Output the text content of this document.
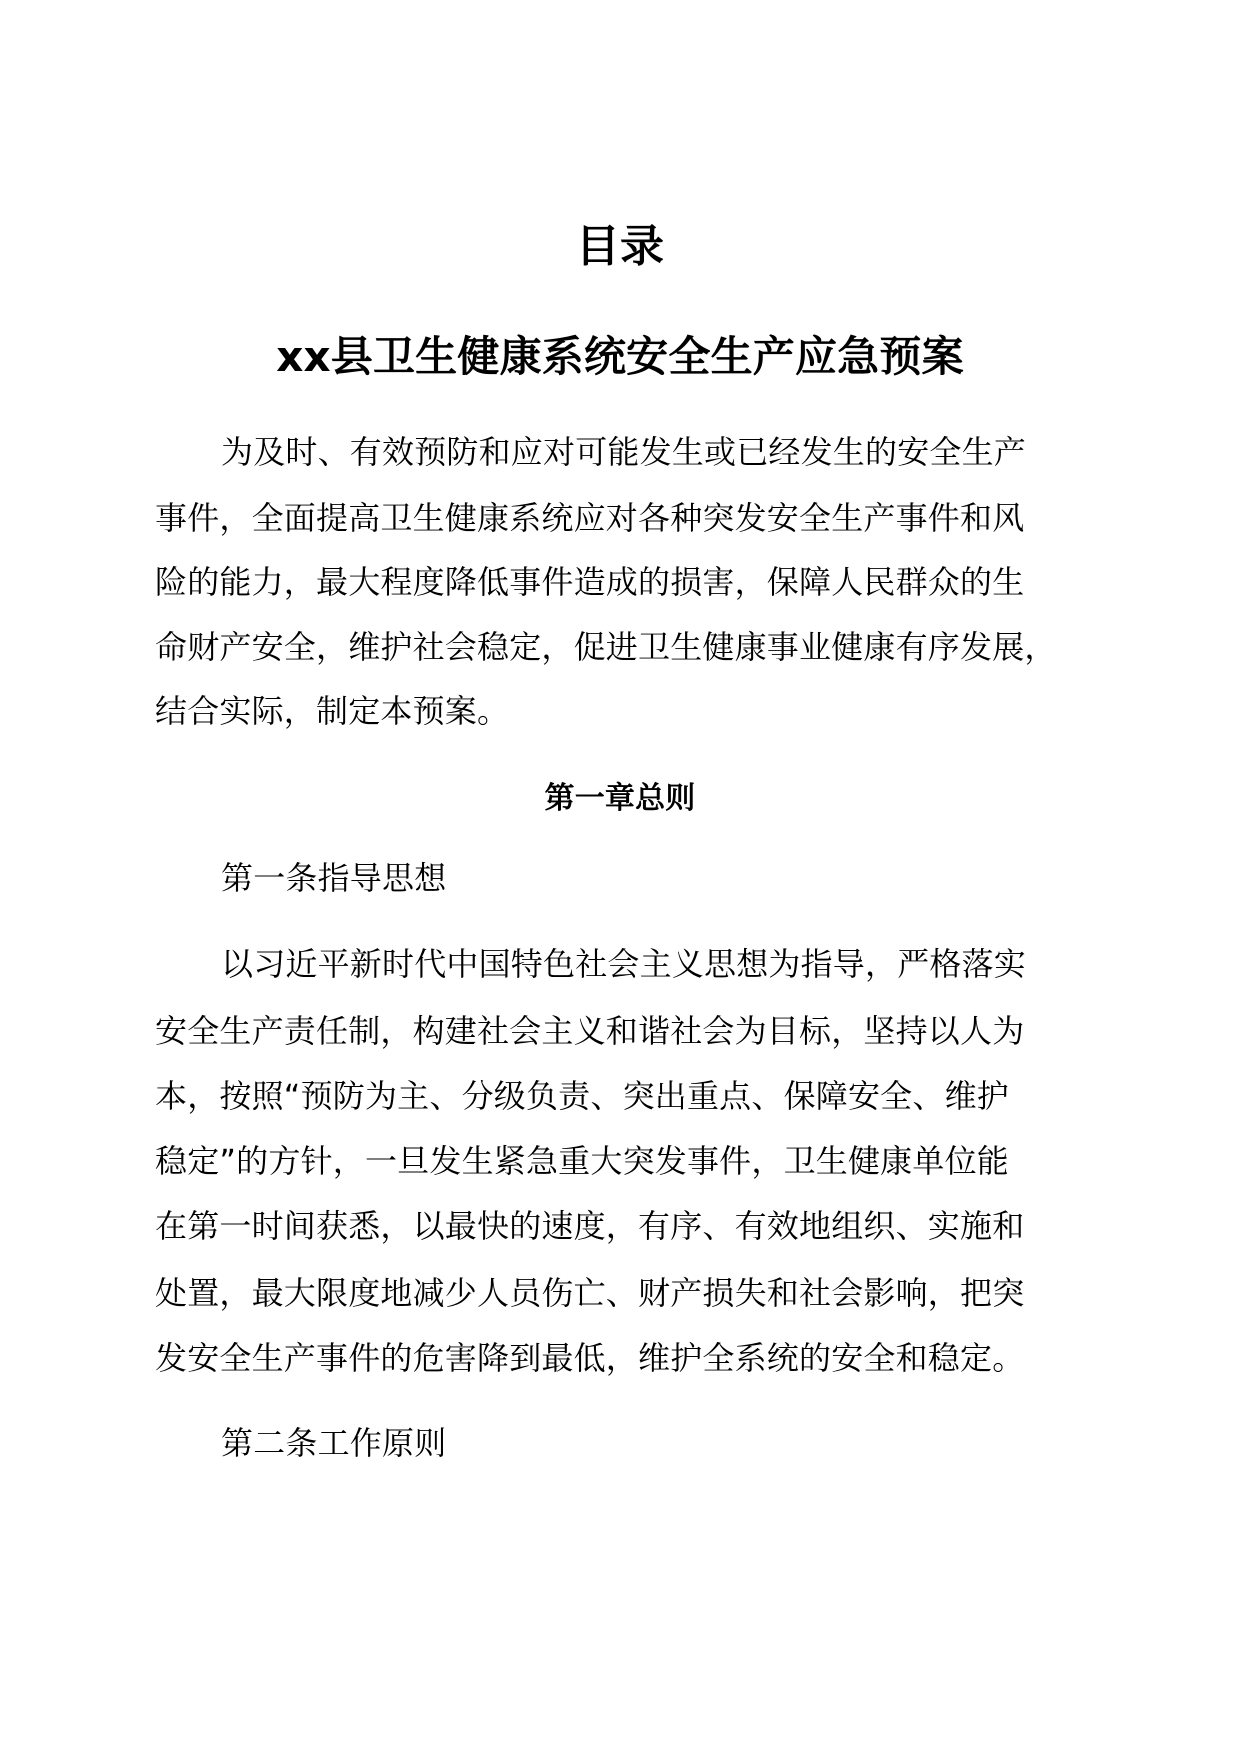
目录
xx县卫生健康系统安全生产应急预案
为及时、有效预防和应对可能发生或已经发生的安全生产
事件，全面提高卫生健康系统应对各种突发安全生产事件和风
险的能力，最大程度降低事件造成的损害，保障人民群众的生
命财产安全，维护社会稳定，促进卫生健康事业健康有序发展，
结合实际，制定本预案。
第一章总则
第一条指导思想
以习近平新时代中国特色社会主义思想为指导，严格落实
安全生产责任制，构建社会主义和谐社会为目标，坚持以人为
本，按照“预防为主、分级负责、突出重点、保障安全、维护
稳定”的方针，一旦发生紧急重大突发事件，卫生健康单位能
在第一时间获悉，以最快的速度，有序、有效地组织、实施和
处置，最大限度地减少人员伤亡、财产损失和社会影响，把突
发安全生产事件的危害降到最低，维护全系统的安全和稳定。
第二条工作原则
